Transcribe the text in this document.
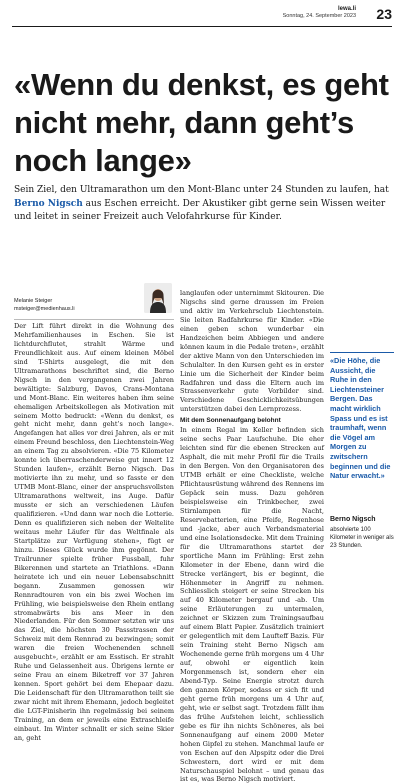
lewa.li
Sonntag, 24. September 2023 23
«Wenn du denkst, es geht nicht mehr, dann geht’s noch lange»

Sein Ziel, den Ultramarathon um den Mont-Blanc unter 24 Stunden zu laufen, hat Berno Nigsch aus Eschen erreicht. Der Akustiker gibt gerne sein Wissen weiter und leitet in seiner Freizeit auch Velofahrkurse für Kinder.

Melanie Steiger
msteiger@medienhaus.li

Der Lift führt direkt in die Wohnung des Mehrfamilienhauses in Eschen. Sie ist lichtdurchflutet, strahlt Wärme und Freundlichkeit aus. Auf einem kleinen Möbel sind T-Shirts ausgelegt, die mit den Ultramarathons beschriftet sind, die Berno Nigsch in den vergangenen zwei Jahren bewältigte: Salzburg, Davos, Crans-Montana und Mont-Blanc. Ein weiteres haben ihm seine ehemaligen Arbeitskollegen als Motivation mit seinem Motto bedruckt: «Wenn du denkst, es geht nicht mehr, dann geht’s noch lange». Angefangen hat alles vor drei Jahren, als er mit einem Freund beschloss, den Liechtenstein-Weg an einem Tag zu absolvieren. «Die 75 Kilometer konnte ich überraschenderweise gut innert 12 Stunden laufen», erzählt Berno Nigsch. Das motivierte ihn zu mehr, und so fasste er den UTMB Mont-Blanc, einer der anspruchsvollsten Ultramarathons weltweit, ins Auge. Dafür musste er sich an verschiedenen Läufen qualifizieren. «Und dann war noch die Lotterie. Denn es qualifizieren sich neben der Weltelite weitaus mehr Läufer für das Weltfinale als Startplätze zur Verfügung stehen», fügt er hinzu. Dieses Glück wurde ihm gegönnt. Der Trailrunner spielte früher Fussball, fuhr Bikerennen und startete an Triathlons. «Dann heiratete ich und ein neuer Lebensabschnitt begann. Zusammen genossen wir Rennradtouren von ein bis zwei Wochen im Frühling, wie beispielsweise den Rhein entlang stromabwärts bis ans Meer in den Niederlanden. Für den Sommer setzten wir uns das Ziel, die höchsten 30 Passstrassen der Schweiz mit dem Rennrad zu bezwingen; somit waren die freien Wochenenden schnell ausgebucht», erzählt er am Esstisch. Er strahlt Ruhe und Gelassenheit aus. Übrigens lernte er seine Frau an einem Biketreff vor 37 Jahren kennen. Sport gehört bei dem Ehepaar dazu. Die Leidenschaft für den Ultramarathon teilt sie zwar nicht mit ihrem Ehemann, jedoch begleitet die LGT-Finisherin ihn regelmässig bei seinem Training, an dem er jeweils eine Extraschleife einbaut. Im Winter schnallt er sich seine Skier an, geht

langlaufen oder unternimmt Skitouren. Die Nigschs sind gerne draussen im Freien und aktiv im Verkehrsclub Liechtenstein. Sie leiten Radfahrkurse für Kinder. «Die einen geben schon wunderbar ein Handzeichen beim Abbiegen und andere können kaum in die Pedale treten», erzählt der aktive Mann von den Unterschieden im Schulalter. In den Kursen geht es in erster Linie um die Sicherheit der Kinder beim Radfahren und dass die Eltern auch im Strassenverkehr gute Vorbilder sind. Verschiedene Geschicklichkeitsübungen unterstützen dabei den Lernprozess.
Mit dem Sonnenaufgang belohnt
In einem Regal im Keller befinden sich seine sechs Paar Laufschuhe. Die eher leichten sind für die ebenen Strecken auf Asphalt, die mit mehr Profil für die Trails in den Bergen. Von den Organisatoren des UTMB erhält er eine Checkliste, welche Pflichtausrüstung während des Rennens im Gepäck sein muss. Dazu gehören beispielsweise ein Trinkbecher, zwei Stirnlampen für die Nacht, Reservebatterien, eine Pfeife, Regenhose und -jacke, aber auch Verbandsmaterial und eine Isolationsdecke. Mit dem Training für die Ultramarathons startet der sportliche Mann im Frühling: Erst zehn Kilometer in der Ebene, dann wird die Strecke verlängert, bis er beginnt, die Höhenmeter in Angriff zu nehmen. Schliesslich steigert er seine Strecken bis auf 40 Kilometer bergauf und -ab. Um seine Erläuterungen zu untermalen, zeichnet er Skizzen zum Trainingsaufbau auf einem Blatt Papier. Zusätzlich trainiert er gelegentlich mit dem Laufteff Bazis. Für sein Training steht Berno Nigsch am Wochenende gerne früh morgens um 4 Uhr auf, obwohl er eigentlich kein Morgenmensch ist, sondern eher ein Abend-Typ. Seine Energie strotzt durch den ganzen Körper, sodass er sich fit und geht gerne früh morgens um 4 Uhr auf, geht, wie er selbst sagt. Trotzdem fällt ihm das frühe Aufstehen leicht, schliesslich gebe es für ihn nichts Schöneres, als bei Sonnenaufgang auf einem 2000 Meter hohen Gipfel zu stehen. Manchmal laufe er von Eschen auf den Alpspitz oder die Drei Schwestern, dort wird er mit dem Naturschauspiel belohnt – und genau das ist es, was Berno Nigsch motiviert.

«Die Höhe, die Aussicht, die Ruhe in den Liechtensteiner Bergen. Das macht wirklich Spass und es ist traumhaft, wenn die Vögel am Morgen zu zwitschern beginnen und die Natur erwacht.»

Berno Nigsch
absolvierte 100 Kilometer in weniger als 23 Stunden.
